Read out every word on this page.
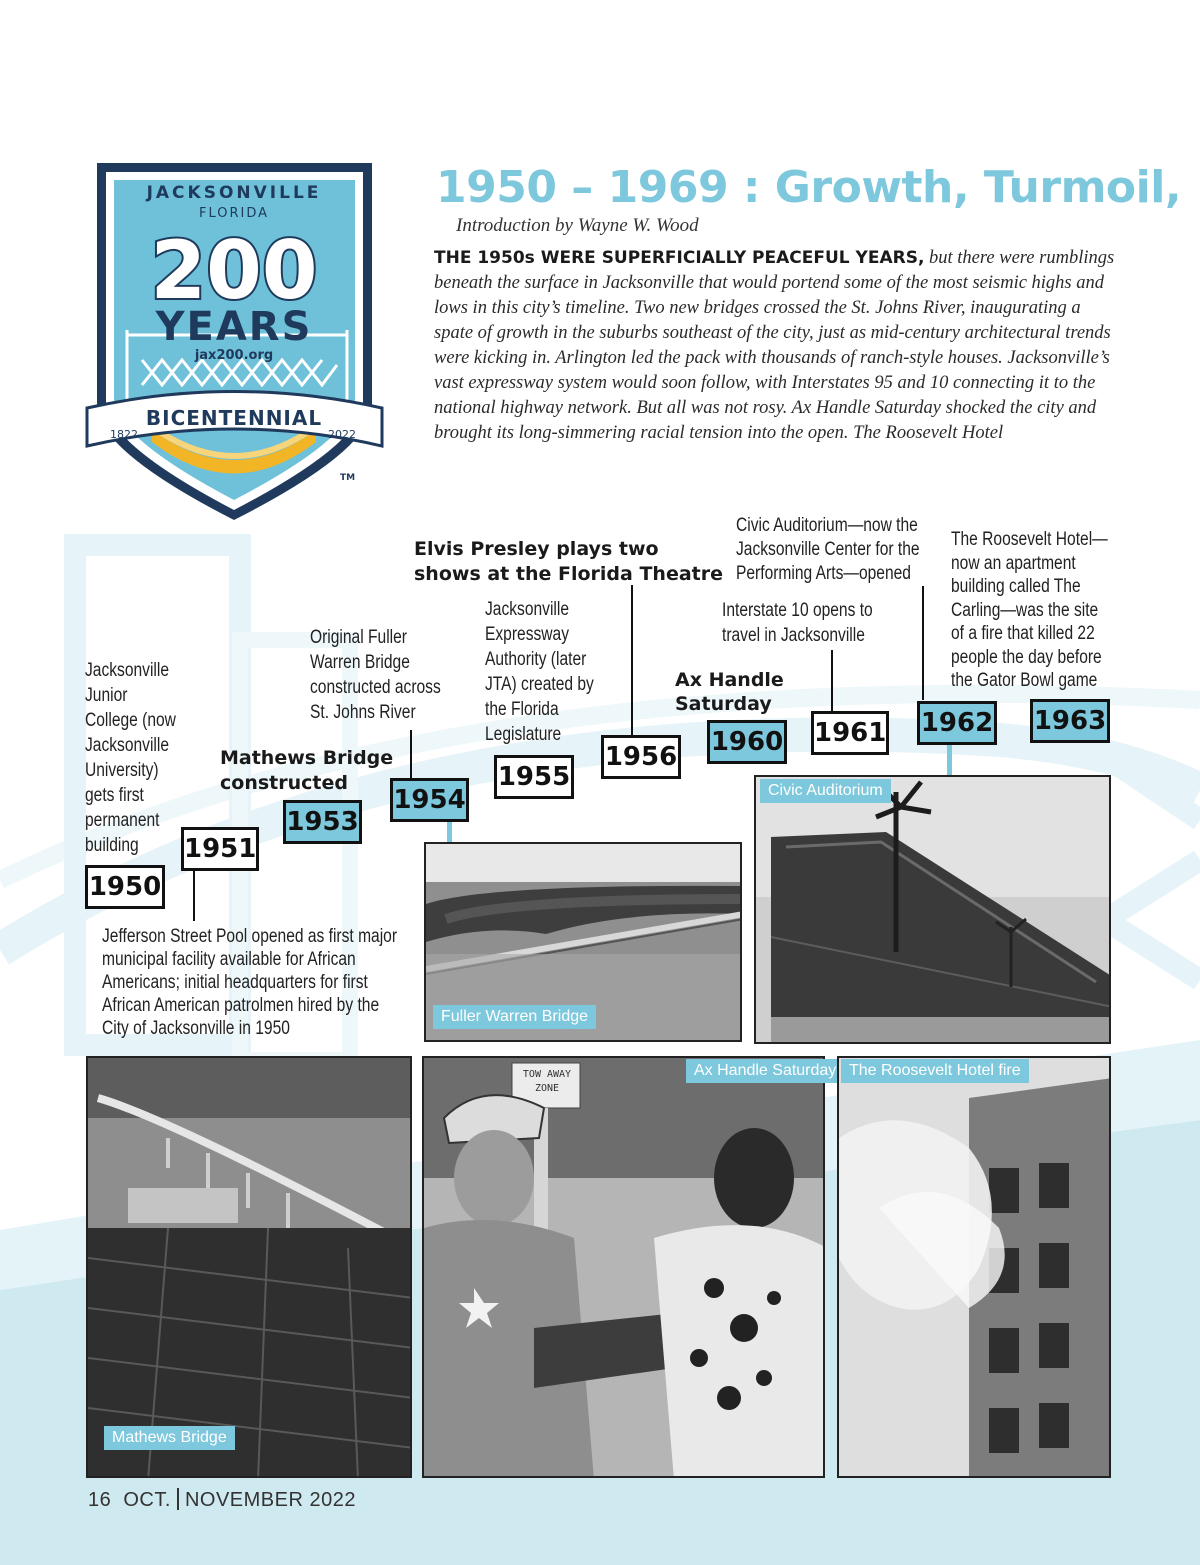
JACKSONVILLE
FLORIDA
200
YEARS
jax200.org
BICENTENNIAL
1822	2022
TM
1950 – 1969 : Growth, Turmoil,
Introduction by Wayne W. Wood
THE 1950s WERE SUPERFICIALLY PEACEFUL YEARS, but there were rumblings beneath the surface in Jacksonville that would portend some of the most seismic highs and lows in this city’s timeline. Two new bridges crossed the St. Johns River, inaugurating a spate of growth in the suburbs southeast of the city, just as mid-century architectural trends were kicking in. Arlington led the pack with thousands of ranch-style houses. Jacksonville’s vast expressway system would soon follow, with Interstates 95 and 10 connecting it to the national highway network. But all was not rosy. Ax Handle Saturday shocked the city and brought its long-simmering racial tension into the open. The Roosevelt Hotel
Jacksonville Junior College (now Jacksonville University) gets first permanent building
Jefferson Street Pool opened as first major municipal facility available for African Americans; initial headquarters for first African American patrolmen hired by the City of Jacksonville in 1950
Mathews Bridge constructed
Original Fuller Warren Bridge constructed across St. Johns River
Jacksonville Expressway Authority (later JTA) created by the Florida Legislature
Elvis Presley plays two shows at the Florida Theatre
Ax Handle Saturday
Interstate 10 opens to travel in Jacksonville
Civic Auditorium—now the Jacksonville Center for the Performing Arts—opened
The Roosevelt Hotel—now an apartment building called The Carling—was the site of a fire that killed 22 people the day before the Gator Bowl game
1950
1951
1953
1954
1955
1956 1960 1961 1962 1963
Fuller Warren Bridge
Civic Auditorium
Mathews Bridge
TOW AWAY ZONE
Ax Handle Saturday The Roosevelt Hotel fire
16 OCT. NOVEMBER 2022
